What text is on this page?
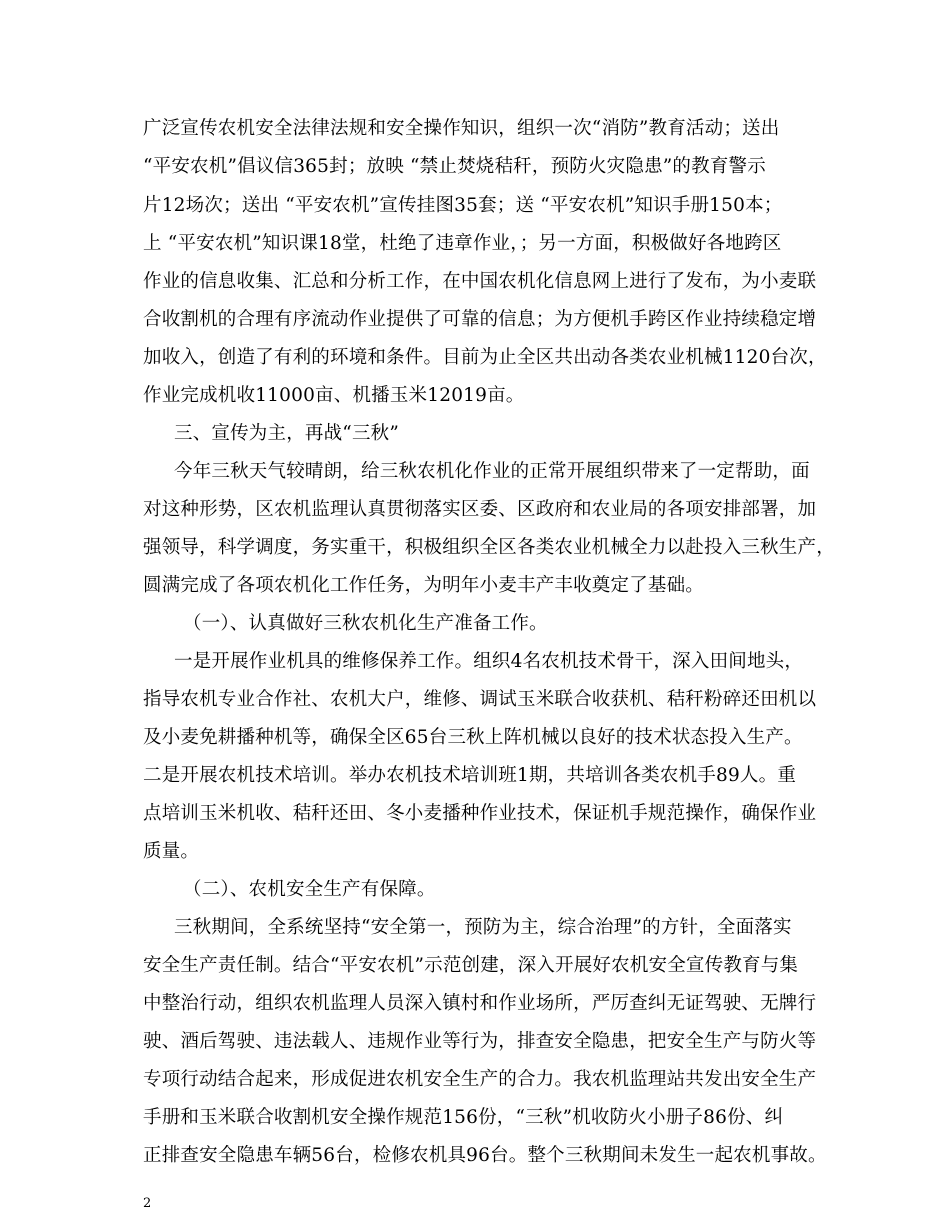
广泛宣传农机安全法律法规和安全操作知识，组织一次“消防”教育活动；送出
“平安农机”倡议信365封；放映 “禁止焚烧秸秆，预防火灾隐患”的教育警示
片12场次；送出 “平安农机”宣传挂图35套；送 “平安农机”知识手册150本；
上 “平安农机”知识课18堂，杜绝了违章作业，；另一方面，积极做好各地跨区
作业的信息收集、汇总和分析工作，在中国农机化信息网上进行了发布，为小麦联
合收割机的合理有序流动作业提供了可靠的信息；为方便机手跨区作业持续稳定增
加收入，创造了有利的环境和条件。目前为止全区共出动各类农业机械1120台次，
作业完成机收11000亩、机播玉米12019亩。
三、宣传为主，再战“三秋”
今年三秋天气较晴朗，给三秋农机化作业的正常开展组织带来了一定帮助，面
对这种形势，区农机监理认真贯彻落实区委、区政府和农业局的各项安排部署，加
强领导，科学调度，务实重干，积极组织全区各类农业机械全力以赴投入三秋生产，
圆满完成了各项农机化工作任务，为明年小麦丰产丰收奠定了基础。
（一）、认真做好三秋农机化生产准备工作。
一是开展作业机具的维修保养工作。组织4名农机技术骨干，深入田间地头，
指导农机专业合作社、农机大户，维修、调试玉米联合收获机、秸秆粉碎还田机以
及小麦免耕播种机等，确保全区65台三秋上阵机械以良好的技术状态投入生产。
二是开展农机技术培训。举办农机技术培训班1期，共培训各类农机手89人。重
点培训玉米机收、秸秆还田、冬小麦播种作业技术，保证机手规范操作，确保作业
质量。
（二）、农机安全生产有保障。
三秋期间，全系统坚持“安全第一，预防为主，综合治理”的方针，全面落实
安全生产责任制。结合“平安农机”示范创建，深入开展好农机安全宣传教育与集
中整治行动，组织农机监理人员深入镇村和作业场所，严厉查纠无证驾驶、无牌行
驶、酒后驾驶、违法载人、违规作业等行为，排查安全隐患，把安全生产与防火等
专项行动结合起来，形成促进农机安全生产的合力。我农机监理站共发出安全生产
手册和玉米联合收割机安全操作规范156份，“三秋”机收防火小册子86份、纠
正排查安全隐患车辆56台，检修农机具96台。整个三秋期间未发生一起农机事故。
2
